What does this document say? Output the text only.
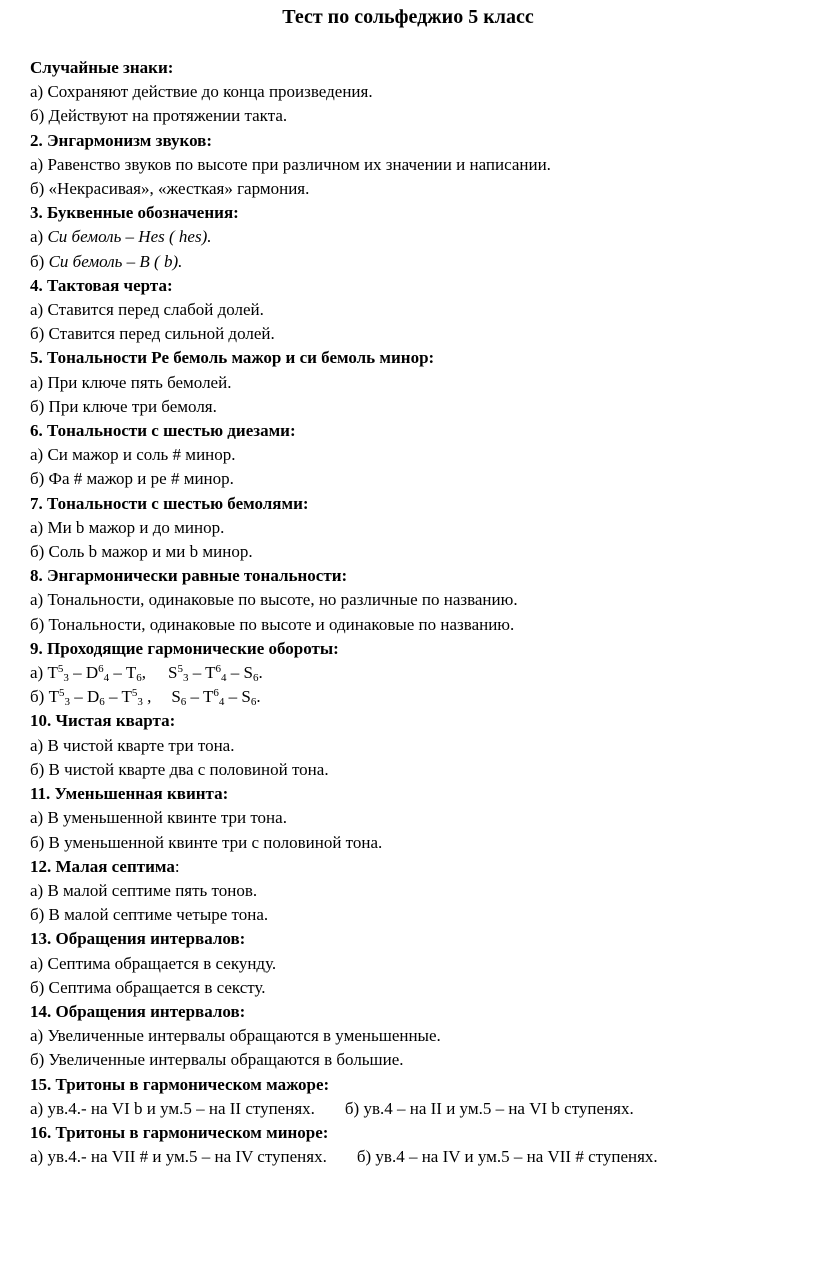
Тест по сольфеджио 5 класс
Случайные знаки:
а) Сохраняют действие до конца произведения.
б) Действуют на протяжении такта.
2. Энгармонизм звуков:
а) Равенство звуков по высоте при различном их значении и написании.
б) «Некрасивая», «жесткая» гармония.
3. Буквенные обозначения:
а) Си бемоль – Hes ( hes).
б) Си бемоль – B ( b).
4. Тактовая черта:
а) Ставится перед слабой долей.
б) Ставится перед сильной долей.
5. Тональности Ре бемоль мажор и си бемоль минор:
а) При ключе пять бемолей.
б) При ключе три бемоля.
6. Тональности с шестью диезами:
а) Си мажор и соль # минор.
б) Фа # мажор и ре # минор.
7. Тональности с шестью бемолями:
а) Ми b мажор и до минор.
б) Соль b мажор и ми b минор.
8. Энгармонически равные тональности:
а) Тональности, одинаковые по высоте, но различные по названию.
б) Тональности, одинаковые по высоте и одинаковые по названию.
9. Проходящие гармонические обороты:
а) $T^5_3 - D^6_4 - T_6$, $S^5_3 - T^6_4 - S_6$.
б) $T^5_3 - D_6 - T^5_3$ , $S_6 - T^6_4 - S_6$.
10. Чистая кварта:
а) В чистой кварте три тона.
б) В чистой кварте два с половиной тона.
11. Уменьшенная квинта:
а) В уменьшенной квинте три тона.
б) В уменьшенной квинте три с половиной тона.
12. Малая септима:
а) В малой септиме пять тонов.
б) В малой септиме четыре тона.
13. Обращения интервалов:
а) Септима обращается в секунду.
б) Септима обращается в сексту.
14. Обращения интервалов:
а) Увеличенные интервалы обращаются в уменьшенные.
б) Увеличенные интервалы обращаются в большие.
15. Тритоны в гармоническом мажоре:
а) ув.4.- на VI b и ум.5 – на II ступенях. б) ув.4 – на II и ум.5 – на VI b ступенях.
16. Тритоны в гармоническом миноре:
а) ув.4.- на VII # и ум.5 – на IV ступенях. б) ув.4 – на IV и ум.5 – на VII # ступенях.
